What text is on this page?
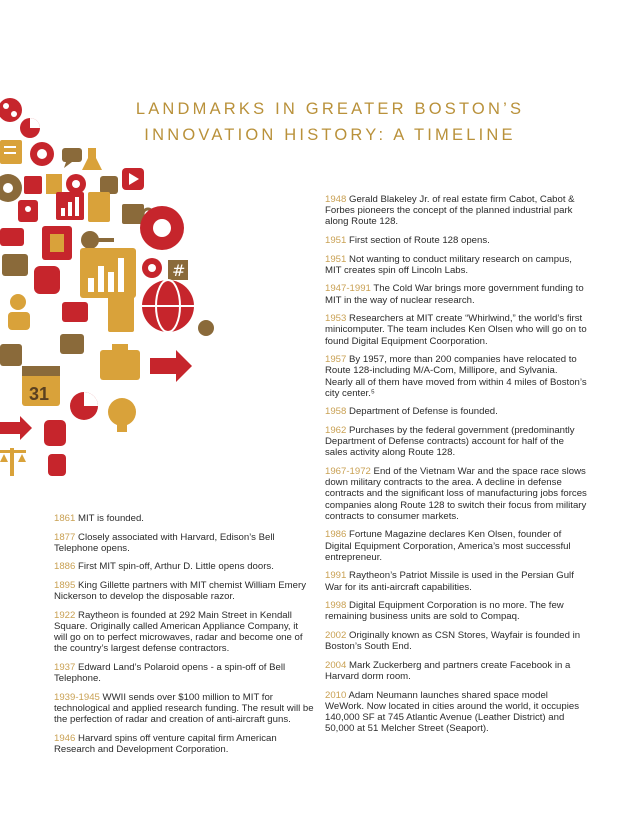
#
31
LANDMARKS IN GREATER BOSTON’S
INNOVATION HISTORY: A TIMELINE
1861 MIT is founded.
1877 Closely associated with Harvard, Edison’s Bell Telephone opens.
1886 First MIT spin-off, Arthur D. Little opens doors.
1895 King Gillette partners with MIT chemist William Emery Nickerson to develop the disposable razor.
1922 Raytheon is founded at 292 Main Street in Kendall Square. Originally called American Appliance Company, it will go on to perfect microwaves, radar and become one of the country’s largest defense contractors.
1937 Edward Land’s Polaroid opens - a spin-off of Bell Telephone.
1939-1945 WWII sends over $100 million to MIT for technological and applied research funding. The result will be the perfection of radar and creation of anti-aircraft guns.
1946 Harvard spins off venture capital firm American Research and Development Corporation.
1948 Gerald Blakeley Jr. of real estate firm Cabot, Cabot & Forbes pioneers the concept of the planned industrial park along Route 128.
1951 First section of Route 128 opens.
1951 Not wanting to conduct military research on campus, MIT creates spin off Lincoln Labs.
1947-1991 The Cold War brings more government funding to MIT in the way of nuclear research.
1953 Researchers at MIT create “Whirlwind,” the world’s first minicomputer. The team includes Ken Olsen who will go on to found Digital Equipment Coorporation.
1957 By 1957, more than 200 companies have relocated to Route 128-including M/A-Com, Millipore, and Sylvania. Nearly all of them have moved from within 4 miles of Boston’s city center.⁵
1958 Department of Defense is founded.
1962 Purchases by the federal government (predominantly Department of Defense contracts) account for half of the sales activity along Route 128.
1967-1972 End of the Vietnam War and the space race slows down military contracts to the area. A decline in defense contracts and the significant loss of manufacturing jobs forces companies along Route 128 to switch their focus from military contracts to consumer markets.
1986 Fortune Magazine declares Ken Olsen, founder of Digital Equipment Corporation, America’s most successful entrepreneur.
1991 Raytheon’s Patriot Missile is used in the Persian Gulf War for its anti-aircraft capabilities.
1998 Digital Equipment Corporation is no more. The few remaining business units are sold to Compaq.
2002 Originally known as CSN Stores, Wayfair is founded in Boston’s South End.
2004 Mark Zuckerberg and partners create Facebook in a Harvard dorm room.
2010 Adam Neumann launches shared space model WeWork. Now located in cities around the world, it occupies 140,000 SF at 745 Atlantic Avenue (Leather District) and 50,000 at 51 Melcher Street (Seaport).
